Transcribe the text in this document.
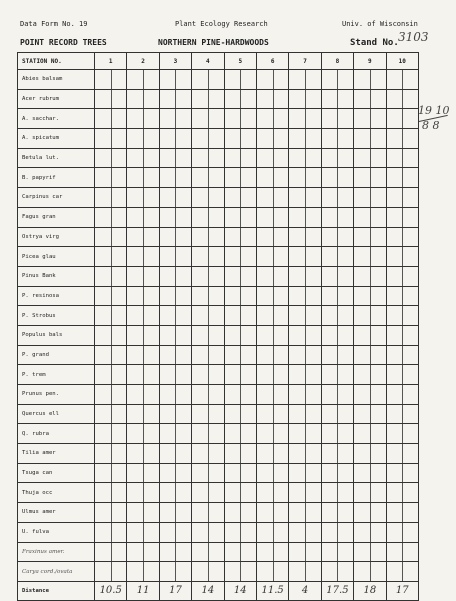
Data Form No. 19	Plant Ecology Research	Univ. of Wisconsin
POINT RECORD TREES	NORTHERN PINE-HARDWOODS	Stand No. 3103
19 10
8 8
STATION NO.	1	2	3	4	5	6	7	8	9	10
Abies balsam										
Acer rubrum										
A. sacchar.										
A. spicatum										
Betula lut.										
B. papyrif										
Carpinus car										
Fagus gran										
Ostrya virg										
Picea glau										
Pinus Bank										
P. resinosa										
P. Strobus										
Populus bals										
P. grand										
P. trem										
Prunus pen.										
Quercus ell										
Q. rubra										
Tilia amer										
Tsuga can										
Thuja occ										
Ulmus amer										
U. fulva										
Fraxinus amer.										
Carya cord./ovata										
Distance	10.5	11	17	14	14	11.5	4	17.5	18	17
